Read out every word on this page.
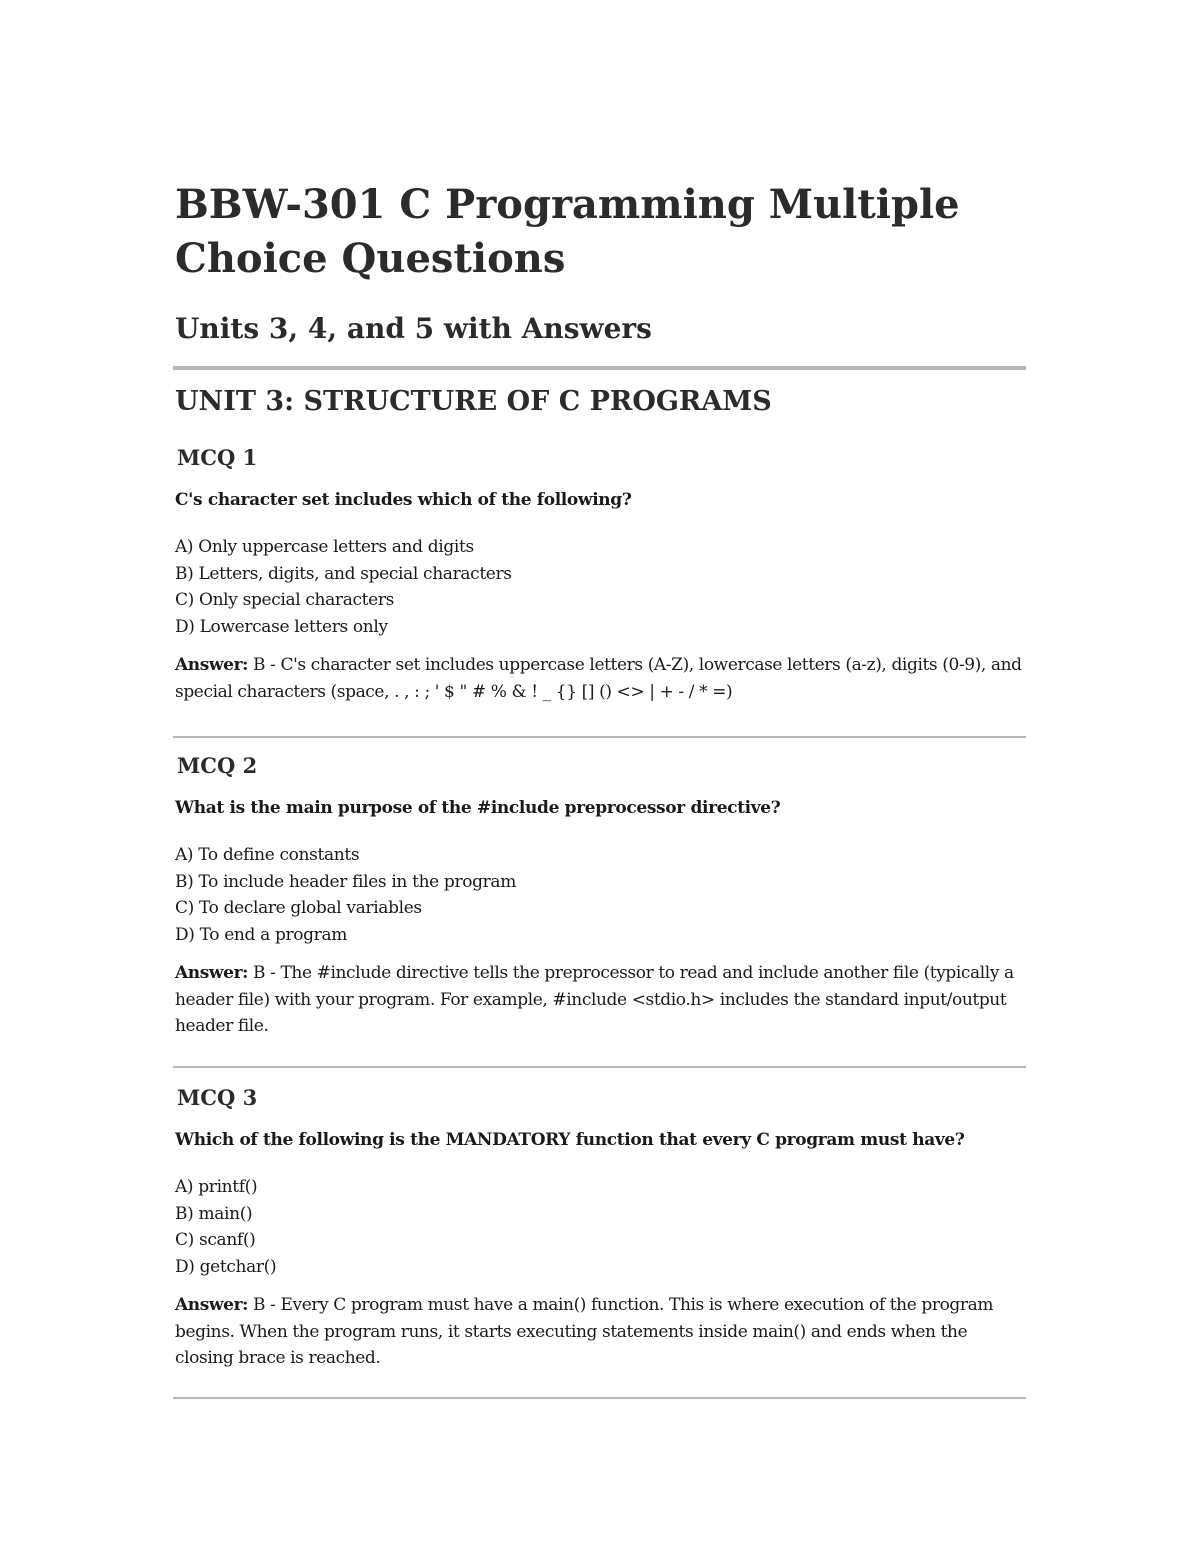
BBW-301 C Programming Multiple Choice Questions
Units 3, 4, and 5 with Answers
UNIT 3: STRUCTURE OF C PROGRAMS
MCQ 1

C's character set includes which of the following?

A) Only uppercase letters and digits
B) Letters, digits, and special characters
C) Only special characters
D) Lowercase letters only

Answer: B - C's character set includes uppercase letters (A-Z), lowercase letters (a-z), digits (0-9), and special characters (space, . , : ; ' $ " # % & ! _ {} [] () <> | + - / * =)

MCQ 2

What is the main purpose of the #include preprocessor directive?

A) To define constants
B) To include header files in the program
C) To declare global variables
D) To end a program

Answer: B - The #include directive tells the preprocessor to read and include another file (typically a header file) with your program. For example, #include <stdio.h> includes the standard input/output header file.

MCQ 3

Which of the following is the MANDATORY function that every C program must have?

A) printf()
B) main()
C) scanf()
D) getchar()

Answer: B - Every C program must have a main() function. This is where execution of the program begins. When the program runs, it starts executing statements inside main() and ends when the closing brace is reached.
